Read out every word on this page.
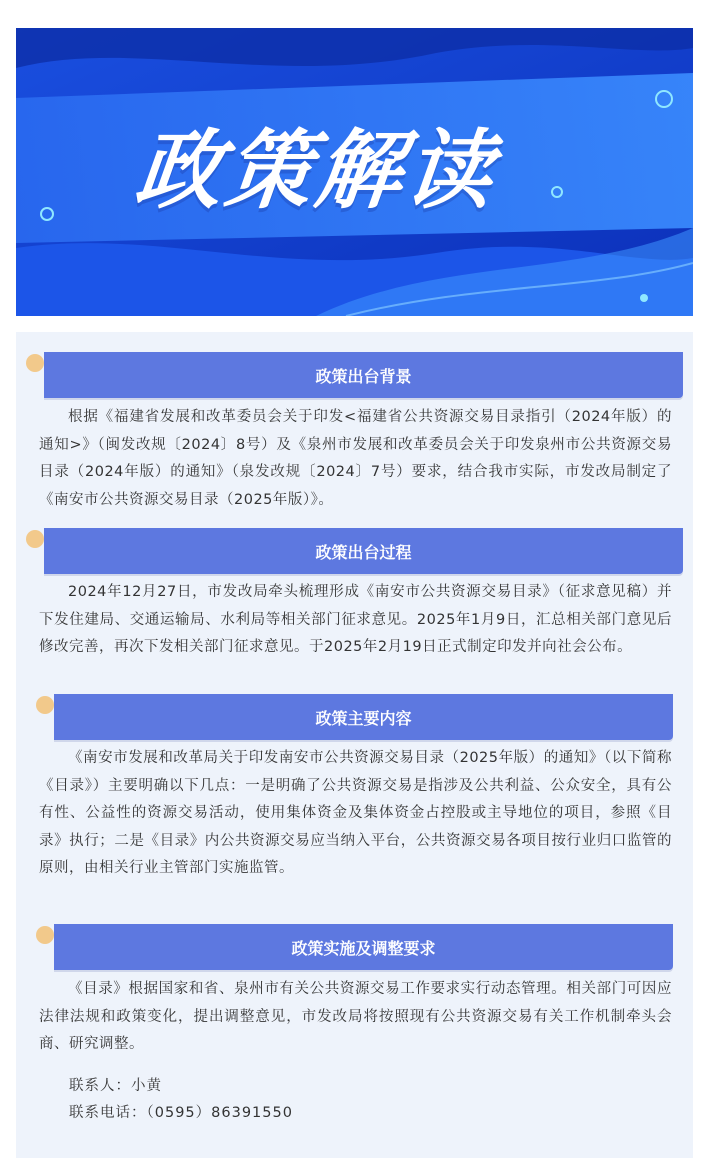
政策解读
政策出台背景
根据《福建省发展和改革委员会关于印发<福建省公共资源交易目录指引（2024年版）的通知>》（闽发改规〔2024〕8号）及《泉州市发展和改革委员会关于印发泉州市公共资源交易目录（2024年版）的通知》（泉发改规〔2024〕7号）要求，结合我市实际，市发改局制定了《南安市公共资源交易目录（2025年版）》。
政策出台过程
2024年12月27日，市发改局牵头梳理形成《南安市公共资源交易目录》（征求意见稿）并下发住建局、交通运输局、水利局等相关部门征求意见。2025年1月9日，汇总相关部门意见后修改完善，再次下发相关部门征求意见。于2025年2月19日正式制定印发并向社会公布。
政策主要内容
《南安市发展和改革局关于印发南安市公共资源交易目录（2025年版）的通知》（以下简称《目录》）主要明确以下几点：一是明确了公共资源交易是指涉及公共利益、公众安全，具有公有性、公益性的资源交易活动，使用集体资金及集体资金占控股或主导地位的项目，参照《目录》执行；二是《目录》内公共资源交易应当纳入平台，公共资源交易各项目按行业归口监管的原则，由相关行业主管部门实施监管。
政策实施及调整要求
《目录》根据国家和省、泉州市有关公共资源交易工作要求实行动态管理。相关部门可因应法律法规和政策变化，提出调整意见，市发改局将按照现有公共资源交易有关工作机制牵头会商、研究调整。
联系人：小黄
联系电话：（0595）86391550
